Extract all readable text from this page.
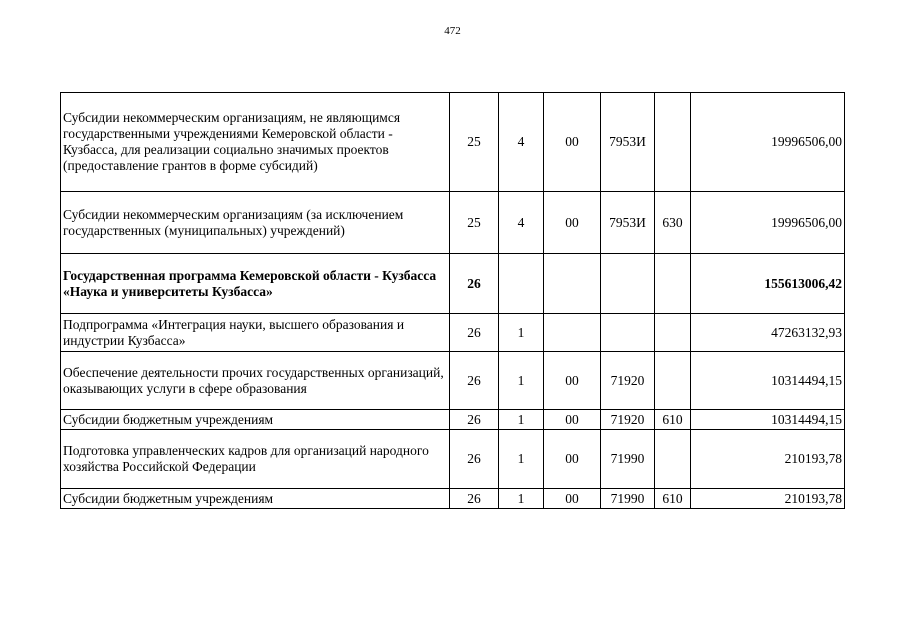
472
Субсидии некоммерческим организациям, не являющимся государственными учреждениями Кемеровской области - Кузбасса, для реализации социально значимых проектов (предоставление грантов в форме субсидий)	25	4	00	7953И		19996506,00
Субсидии некоммерческим организациям (за исключением государственных (муниципальных) учреждений)	25	4	00	7953И	630	19996506,00
Государственная программа Кемеровской области - Кузбасса «Наука и университеты Кузбасса»	26					155613006,42
Подпрограмма «Интеграция науки, высшего образования и индустрии Кузбасса»	26	1				47263132,93
Обеспечение деятельности прочих государственных организаций, оказывающих услуги в сфере образования	26	1	00	71920		10314494,15
Субсидии бюджетным учреждениям	26	1	00	71920	610	10314494,15
Подготовка управленческих кадров для организаций народного хозяйства Российской Федерации	26	1	00	71990		210193,78
Субсидии бюджетным учреждениям	26	1	00	71990	610	210193,78
